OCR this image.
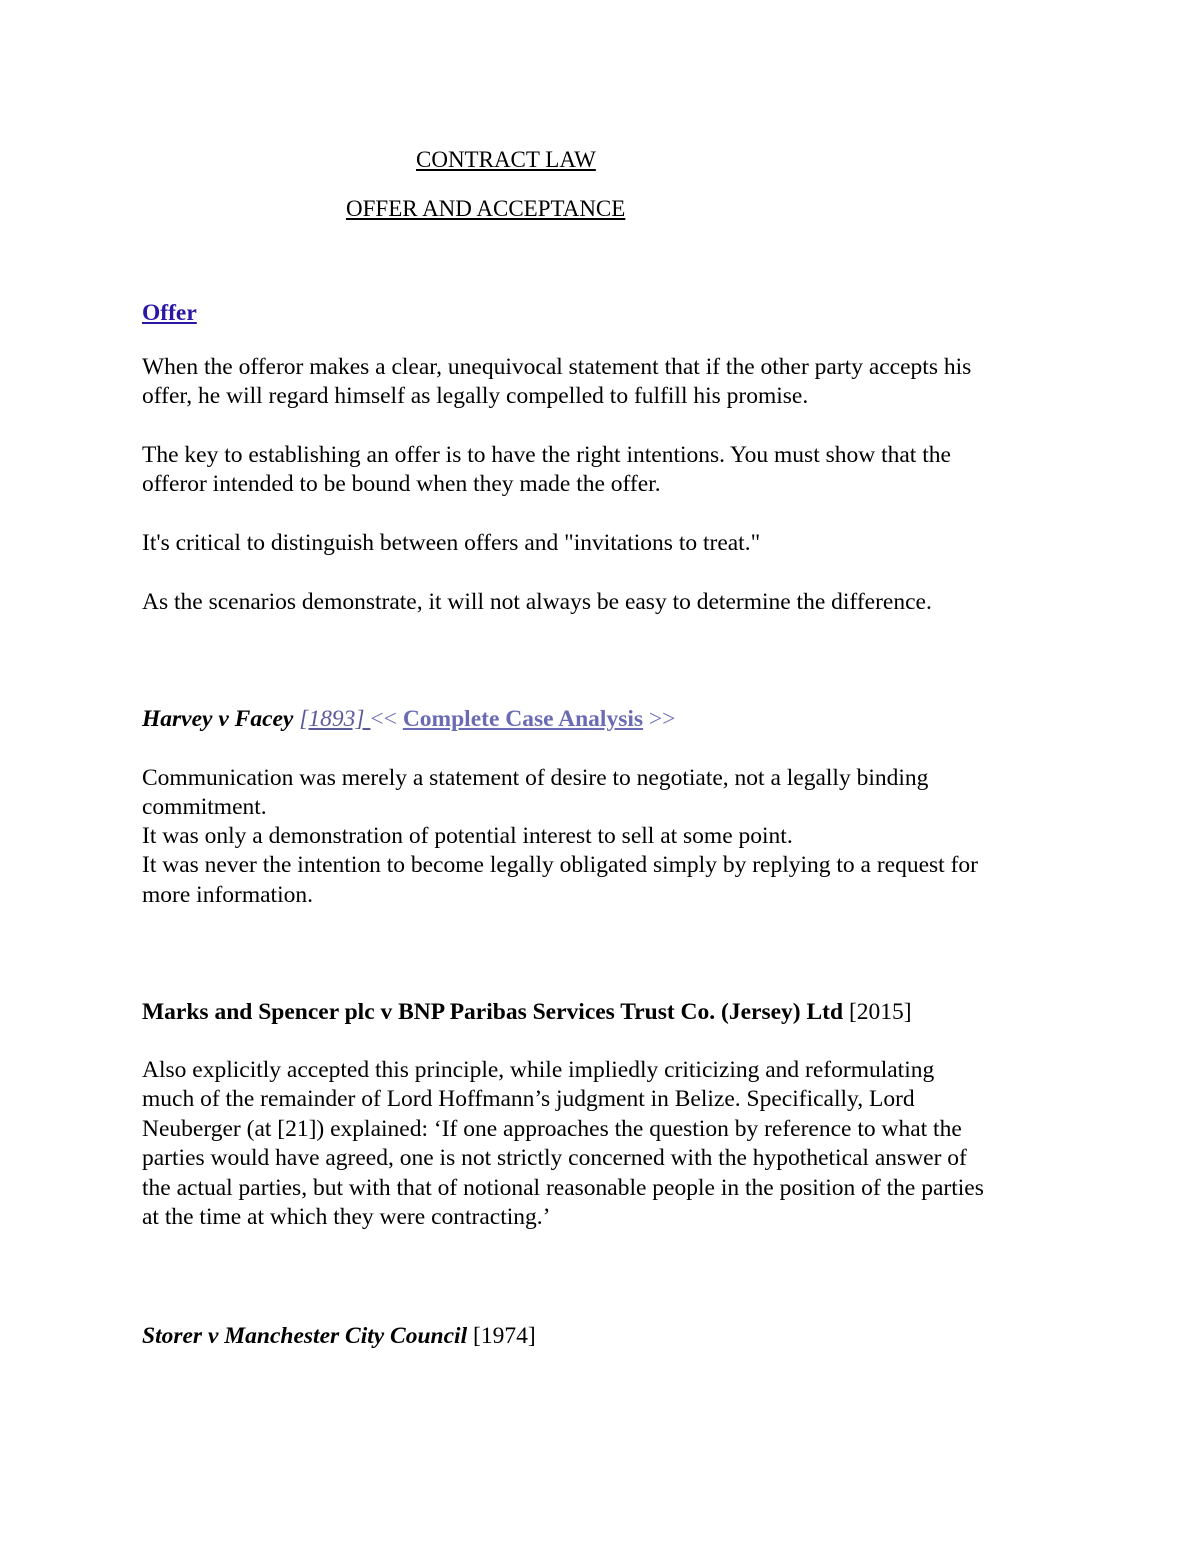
CONTRACT LAW
OFFER AND ACCEPTANCE
Offer
When the offeror makes a clear, unequivocal statement that if the other party accepts his
offer, he will regard himself as legally compelled to fulfill his promise.
The key to establishing an offer is to have the right intentions. You must show that the
offeror intended to be bound when they made the offer.
It's critical to distinguish between offers and "invitations to treat."
As the scenarios demonstrate, it will not always be easy to determine the difference.
Harvey v Facey [1893] << Complete Case Analysis >>
Communication was merely a statement of desire to negotiate, not a legally binding
commitment.
It was only a demonstration of potential interest to sell at some point.
It was never the intention to become legally obligated simply by replying to a request for
more information.
Marks and Spencer plc v BNP Paribas Services Trust Co. (Jersey) Ltd [2015]
Also explicitly accepted this principle, while impliedly criticizing and reformulating
much of the remainder of Lord Hoffmann’s judgment in Belize. Specifically, Lord
Neuberger (at [21]) explained: ‘If one approaches the question by reference to what the
parties would have agreed, one is not strictly concerned with the hypothetical answer of
the actual parties, but with that of notional reasonable people in the position of the parties
at the time at which they were contracting.’
Storer v Manchester City Council [1974]
